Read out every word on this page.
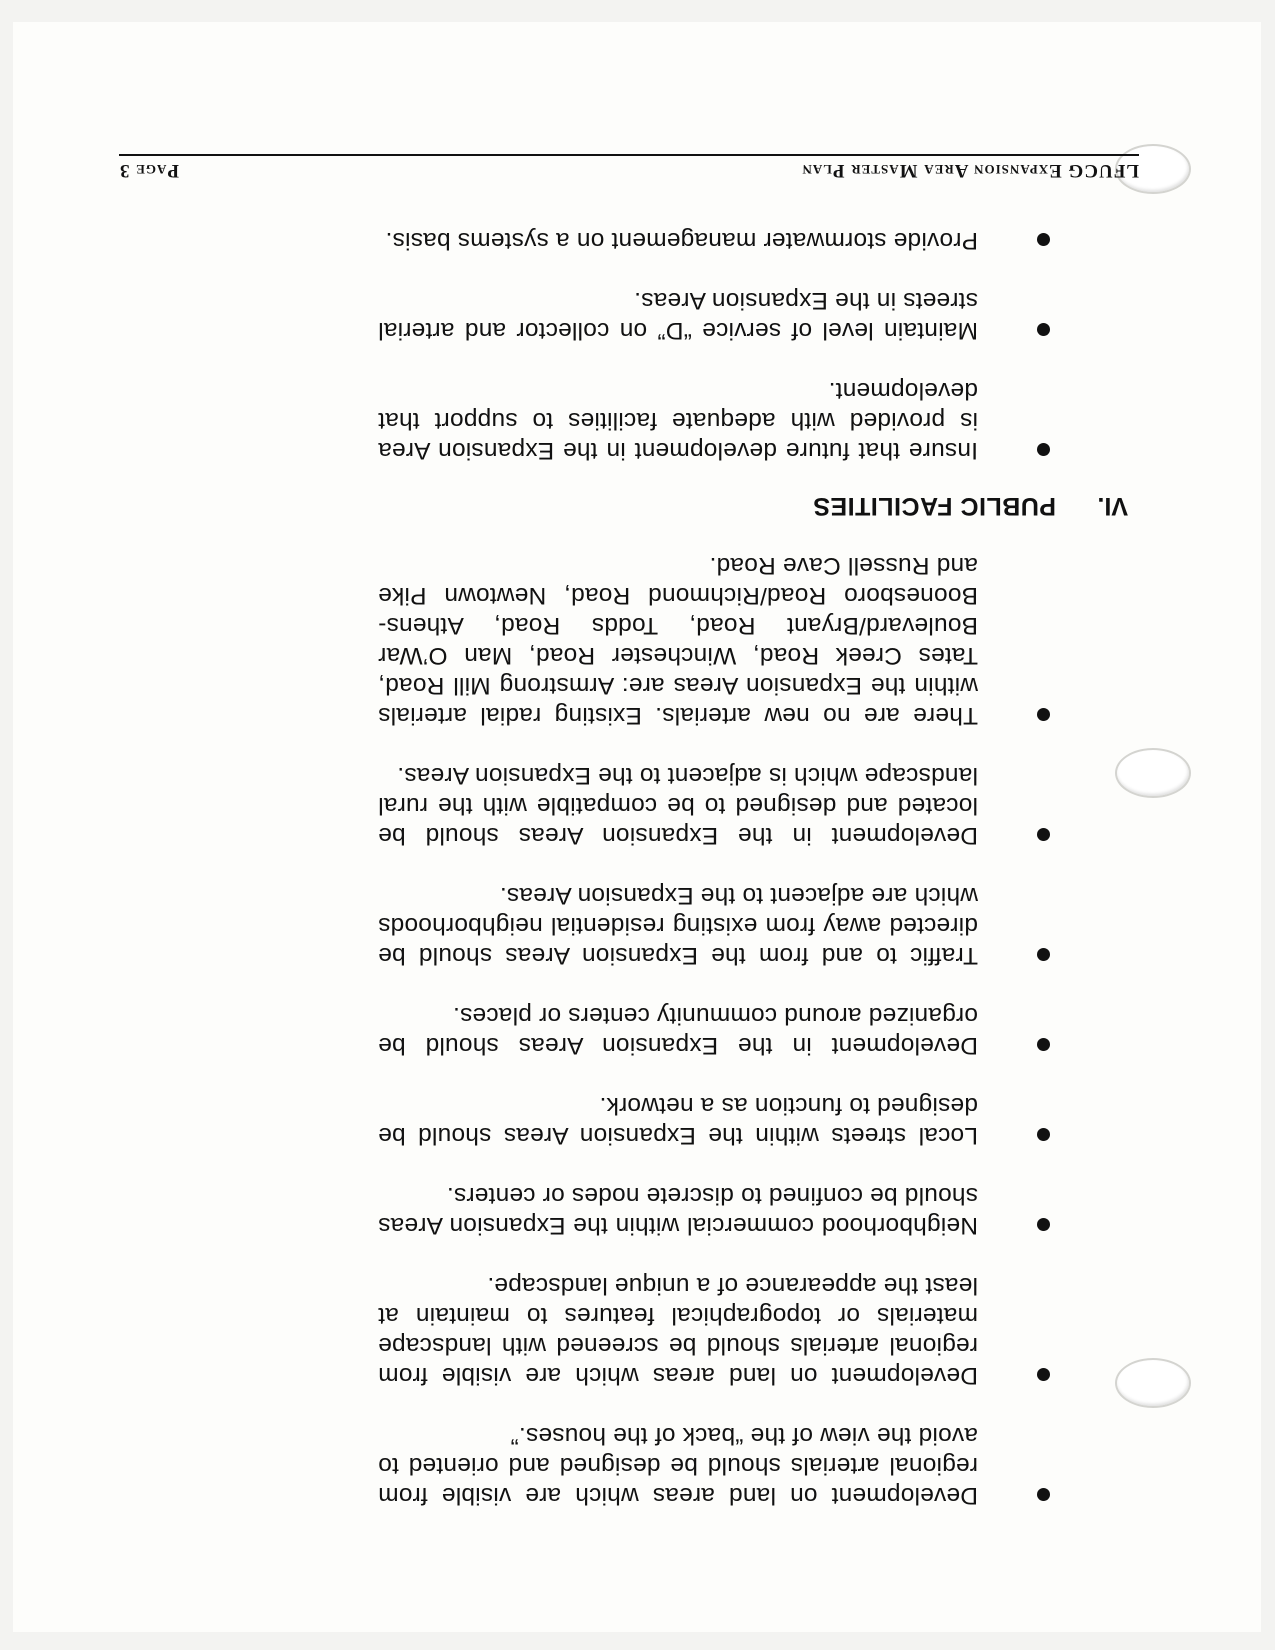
LFUCG Expansion Area Master Plan
Page 3
Development on land areas which are visible from regional arterials should be designed and oriented to avoid the view of the “back of the houses.”
Development on land areas which are visible from regional arterials should be screened with landscape materials or topographical features to maintain at least the appearance of a unique landscape.
Neighborhood commercial within the Expansion Areas should be confined to discrete nodes or centers.
Local streets within the Expansion Areas should be designed to function as a network.
Development in the Expansion Areas should be organized around community centers or places.
Traffic to and from the Expansion Areas should be directed away from existing residential neighborhoods which are adjacent to the Expansion Areas.
Development in the Expansion Areas should be located and designed to be compatible with the rural landscape which is adjacent to the Expansion Areas.
There are no new arterials. Existing radial arterials within the Expansion Areas are: Armstrong Mill Road, Tates Creek Road, Winchester Road, Man O’War Boulevard/Bryant Road, Todds Road, Athens-Boonesboro Road/Richmond Road, Newtown Pike and Russell Cave Road.
VI.
PUBLIC FACILITIES
Insure that future development in the Expansion Area is provided with adequate facilities to support that development.
Maintain level of service “D” on collector and arterial streets in the Expansion Areas.
Provide stormwater management on a systems basis.
